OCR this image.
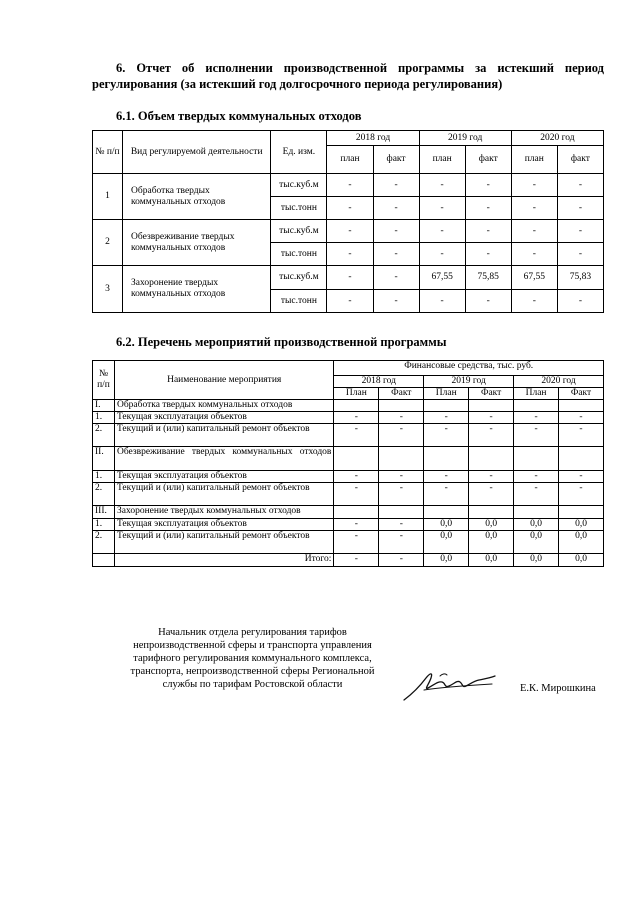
6. Отчет об исполнении производственной программы за истекший период регулирования (за истекший год долгосрочного периода регулирования)
6.1. Объем твердых коммунальных отходов
№ п/п	Вид регулируемой деятельности	Ед. изм.	2018 год		2019 год		2020 год	
			план	факт	план	факт	план	факт
1	Обработка твердых коммунальных отходов	тыс.куб.м	-	-	-	-	-	-
		тыс.тонн	-	-	-	-	-	-
2	Обезвреживание твердых коммунальных отходов	тыс.куб.м	-	-	-	-	-	-
		тыс.тонн	-	-	-	-	-	-
3	Захоронение твердых коммунальных отходов	тыс.куб.м	-	-	67,55	75,85	67,55	75,83
		тыс.тонн	-	-	-	-	-	-
6.2. Перечень мероприятий производственной программы
№ п/п	Наименование мероприятия	Финансовые средства, тыс. руб.					
		2018 год		2019 год		2020 год	
		План	Факт	План	Факт	План	Факт
I.	Обработка твердых коммунальных отходов						
1.	Текущая эксплуатация объектов	-	-	-	-	-	-
2.	Текущий и (или) капитальный ремонт объектов	-	-	-	-	-	-
II.	Обезвреживание твердых коммунальных отходов						
1.	Текущая эксплуатация объектов	-	-	-	-	-	-
2.	Текущий и (или) капитальный ремонт объектов	-	-	-	-	-	-
III.	Захоронение твердых коммунальных отходов						
1.	Текущая эксплуатация объектов	-	-	0,0	0,0	0,0	0,0
2.	Текущий и (или) капитальный ремонт объектов	-	-	0,0	0,0	0,0	0,0
	Итого:	-	-	0,0	0,0	0,0	0,0
Начальник отдела регулирования тарифов
непроизводственной сферы и транспорта управления
тарифного регулирования коммунального комплекса,
транспорта, непроизводственной сферы Региональной
службы по тарифам Ростовской области	Е.К. Мирошкина
